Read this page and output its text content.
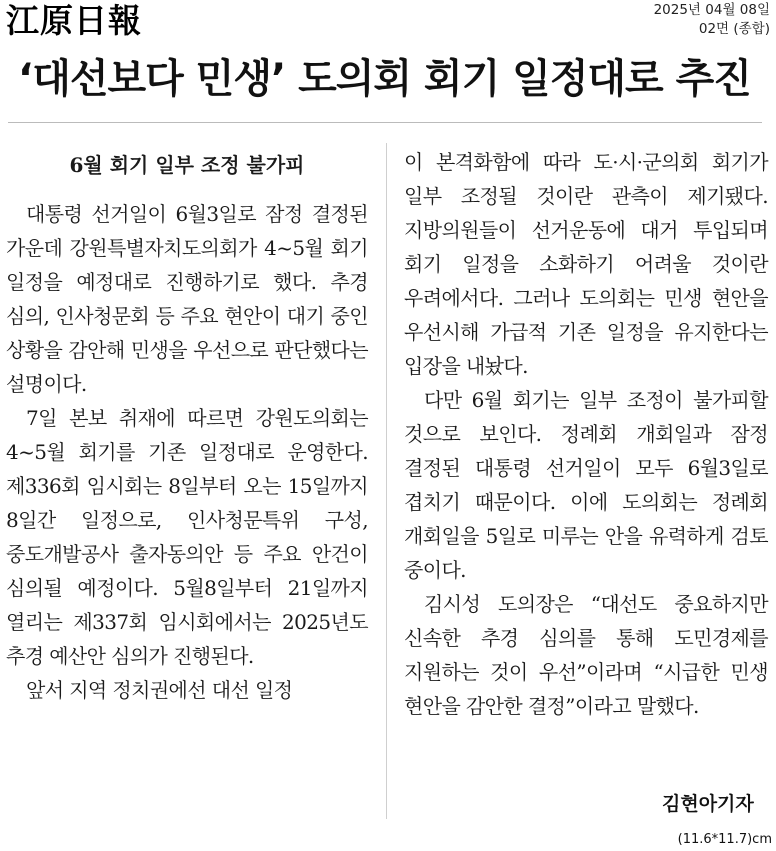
江原日報	2025년 04월 08일
02면 (종합)
‘대선보다 민생’ 도의회 회기 일정대로 추진
6월 회기 일부 조정 불가피
대통령 선거일이 6월3일로 잠정 결정된 가운데 강원특별자치도의회가 4~5월 회기 일정을 예정대로 진행하기로 했다. 추경 심의, 인사청문회 등 주요 현안이 대기 중인 상황을 감안해 민생을 우선으로 판단했다는 설명이다.
7일 본보 취재에 따르면 강원도의회는 4~5월 회기를 기존 일정대로 운영한다. 제336회 임시회는 8일부터 오는 15일까지 8일간 일정으로, 인사청문특위 구성, 중도개발공사 출자동의안 등 주요 안건이 심의될 예정이다. 5월8일부터 21일까지 열리는 제337회 임시회에서는 2025년도 추경 예산안 심의가 진행된다.
앞서 지역 정치권에선 대선 일정
이 본격화함에 따라 도·시·군의회 회기가 일부 조정될 것이란 관측이 제기됐다. 지방의원들이 선거운동에 대거 투입되며 회기 일정을 소화하기 어려울 것이란 우려에서다. 그러나 도의회는 민생 현안을 우선시해 가급적 기존 일정을 유지한다는 입장을 내놨다.
다만 6월 회기는 일부 조정이 불가피할 것으로 보인다. 정례회 개회일과 잠정 결정된 대통령 선거일이 모두 6월3일로 겹치기 때문이다. 이에 도의회는 정례회 개회일을 5일로 미루는 안을 유력하게 검토 중이다.
김시성 도의장은 “대선도 중요하지만 신속한 추경 심의를 통해 도민경제를 지원하는 것이 우선”이라며 “시급한 민생 현안을 감안한 결정”이라고 말했다.
김현아기자
(11.6*11.7)cm
